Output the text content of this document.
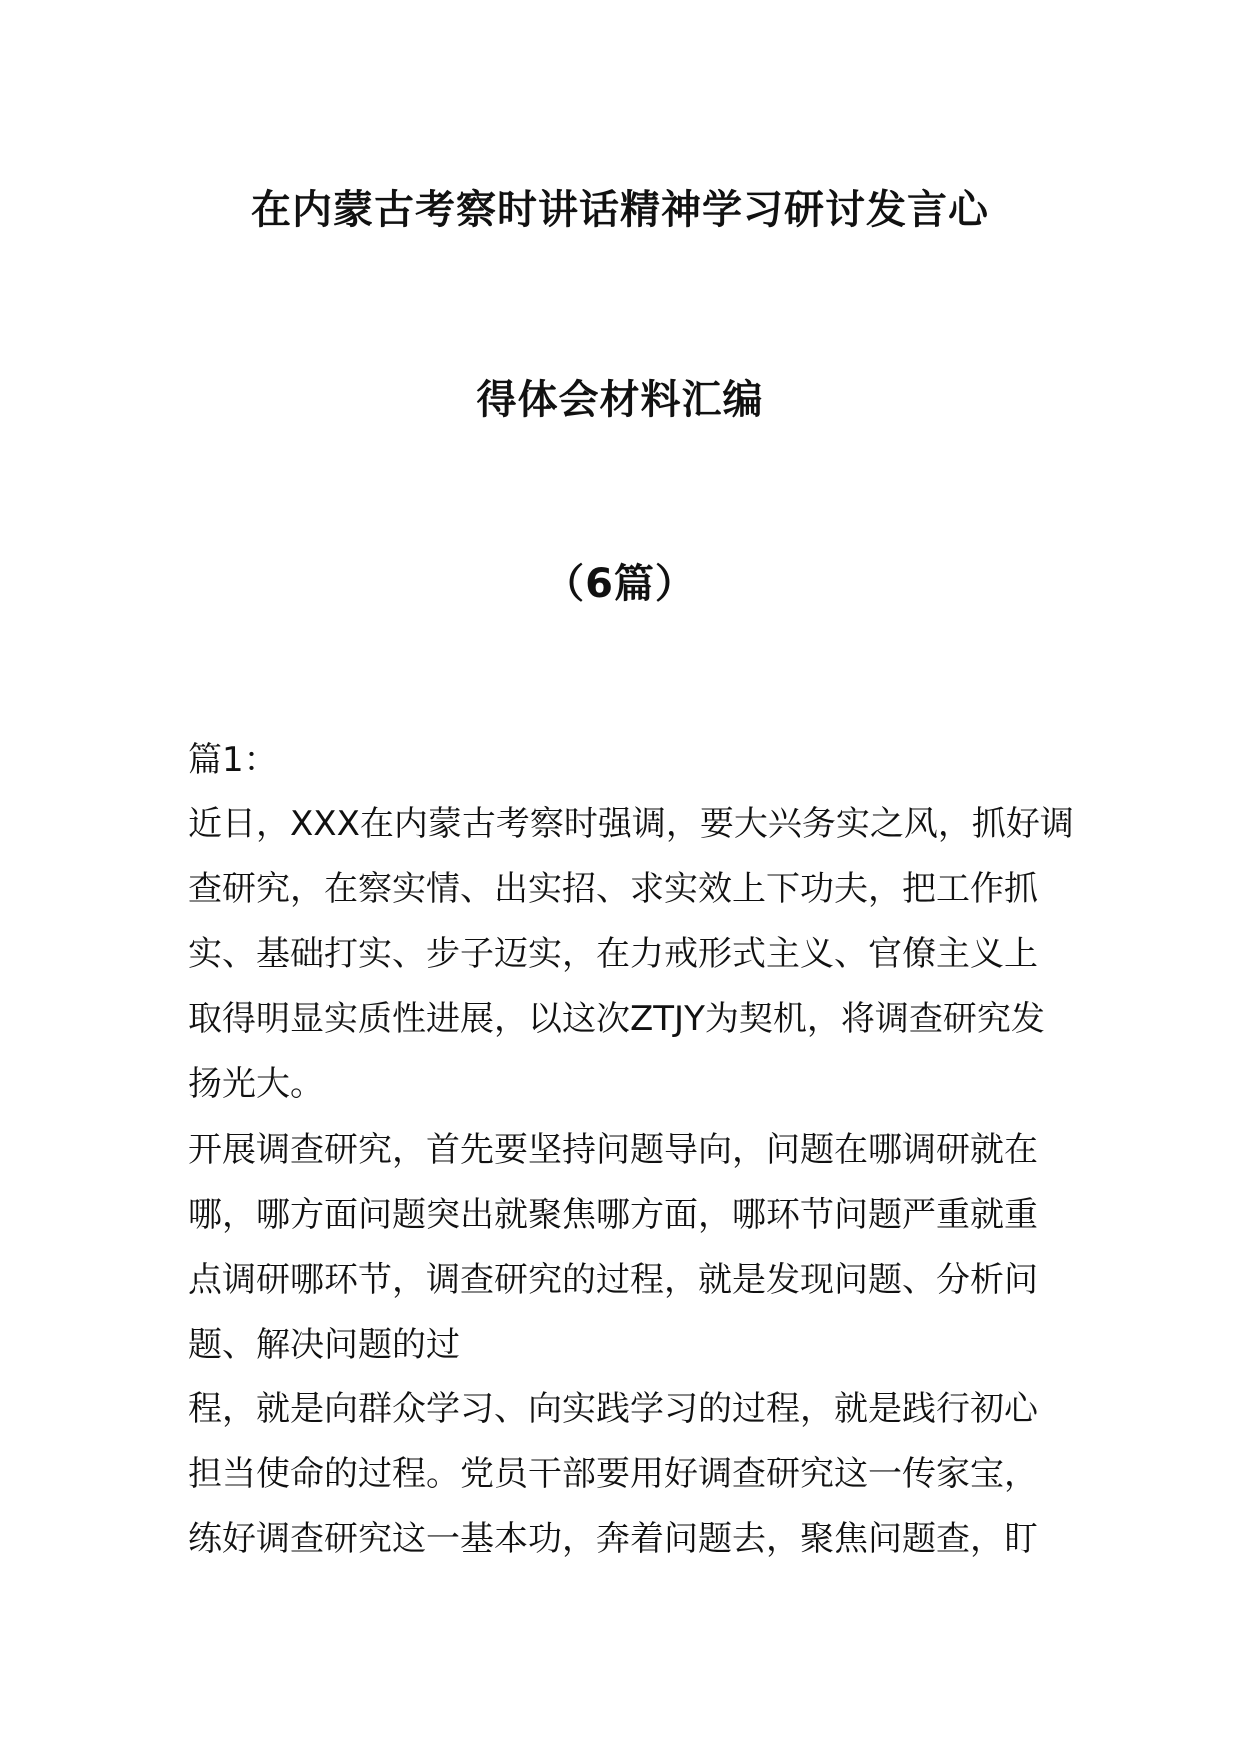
在内蒙古考察时讲话精神学习研讨发言心
得体会材料汇编
（6篇）
篇1：
近日，XXX在内蒙古考察时强调，要大兴务实之风，抓好调
查研究，在察实情、出实招、求实效上下功夫，把工作抓
实、基础打实、步子迈实，在力戒形式主义、官僚主义上
取得明显实质性进展，以这次ZTJY为契机，将调查研究发
扬光大。
开展调查研究，首先要坚持问题导向，问题在哪调研就在
哪，哪方面问题突出就聚焦哪方面，哪环节问题严重就重
点调研哪环节，调查研究的过程，就是发现问题、分析问
题、解决问题的过
程，就是向群众学习、向实践学习的过程，就是践行初心
担当使命的过程。党员干部要用好调查研究这一传家宝，
练好调查研究这一基本功，奔着问题去，聚焦问题查，盯
